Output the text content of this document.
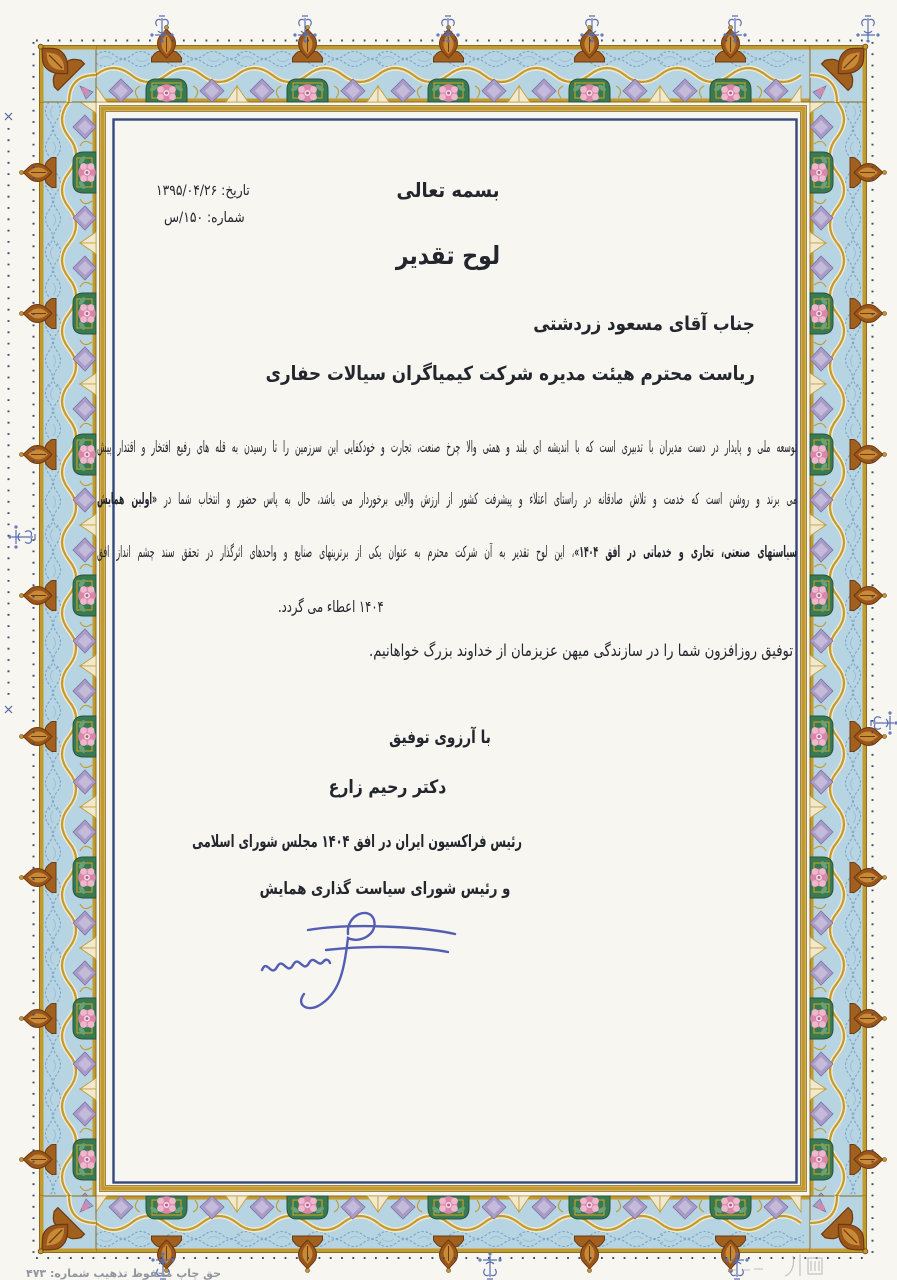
تاریخ: ۱۳۹۵/۰۴/۲۶
شماره: ۱۵۰/س
بسمه تعالی
لوح تقدیر
جناب آقای مسعود زردشتی
ریاست محترم هیئت مدیره شرکت کیمیاگران سیالات حفاری
توسعه ملی و پایدار در دست مدیران با تدبیری است که با اندیشه ای بلند و همتی والا چرخ صنعت، تجارت و خودکفایی این سرزمین را تا رسیدن به قله های رفیع افتخار و اقتدار پیش
می برند و روشن است که خدمت و تلاش صادقانه در راستای اعتلاء و پیشرفت کشور از ارزش والایی برخوردار می باشد، حال به پاس حضور و انتخاب شما در «اولین همایش
سیاستهای صنعتی، تجاری و خدماتی در افق ۱۴۰۴»، این لوح تقدیر به آن شرکت محترم به عنوان یکی از برترینهای صنایع و واحدهای اثرگذار در تحقق سند چشم انداز افق
۱۴۰۴ اعطاء می گردد.
توفیق روزافزون شما را در سازندگی میهن عزیزمان از خداوند بزرگ خواهانیم.
با آرزوی توفیق
دکتر رحیم زارع
رئیس فراکسیون ایران در افق ۱۴۰۴ مجلس شورای اسلامی
و رئیس شورای سیاست گذاری همایش
حق چاپ محفوظ تذهیب شماره: ۴۷۳
